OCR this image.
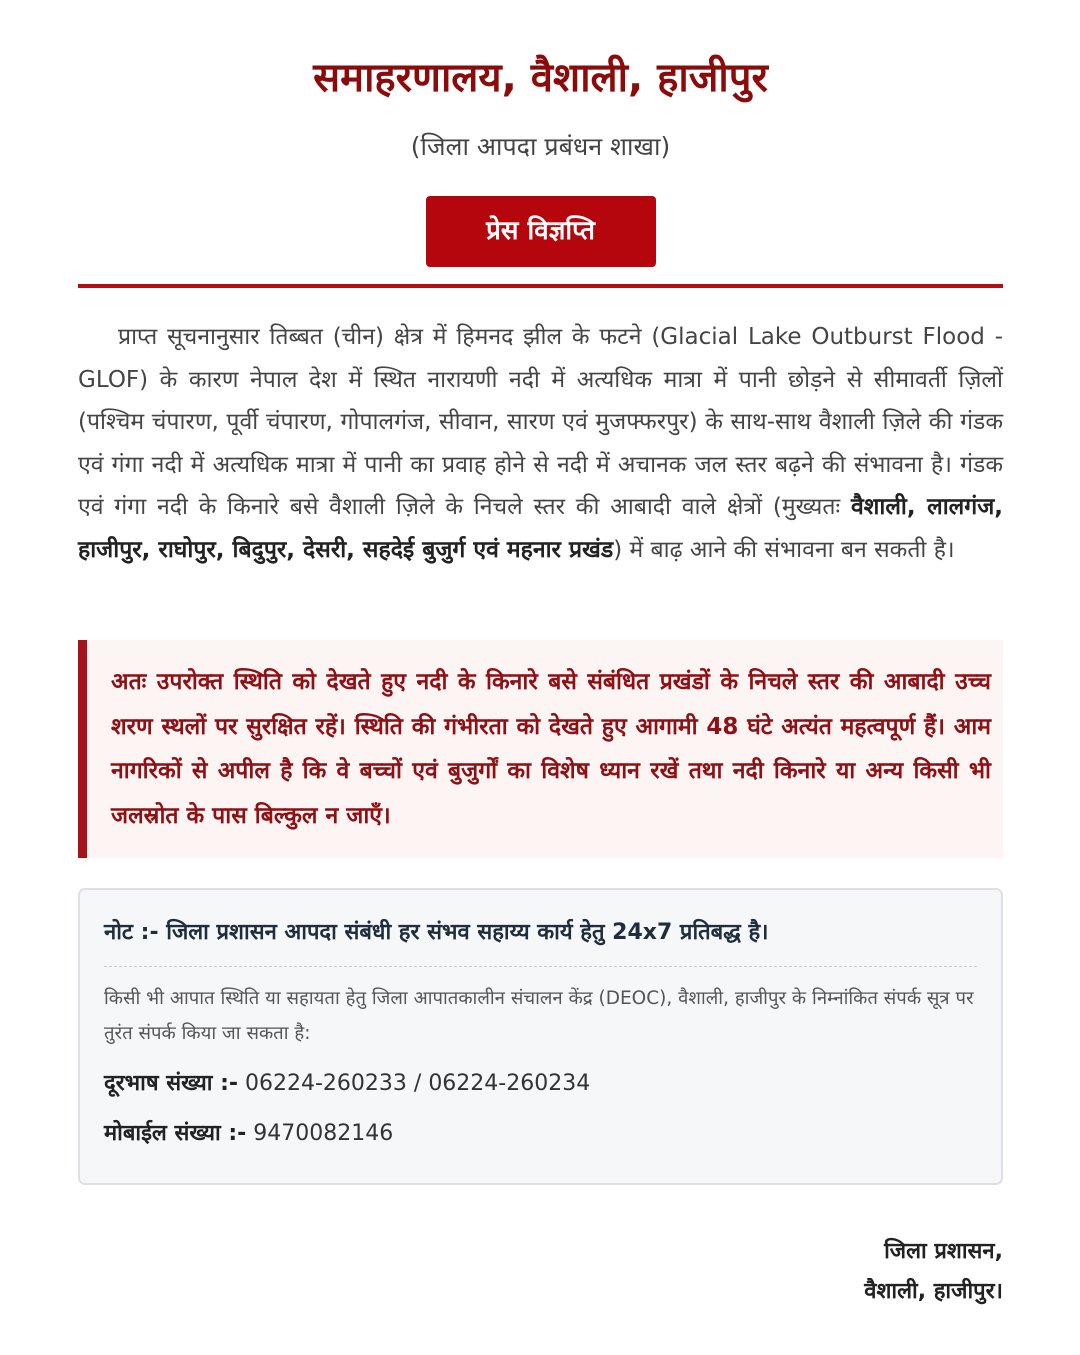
समाहरणालय, वैशाली, हाजीपुर
(जिला आपदा प्रबंधन शाखा)
प्रेस विज्ञप्ति

प्राप्त सूचनानुसार तिब्बत (चीन) क्षेत्र में हिमनद झील के फटने (Glacial Lake Outburst Flood - GLOF) के कारण नेपाल देश में स्थित नारायणी नदी में अत्यधिक मात्रा में पानी छोड़ने से सीमावर्ती ज़िलों (पश्चिम चंपारण, पूर्वी चंपारण, गोपालगंज, सीवान, सारण एवं मुजफ्फरपुर) के साथ-साथ वैशाली ज़िले की गंडक एवं गंगा नदी में अत्यधिक मात्रा में पानी का प्रवाह होने से नदी में अचानक जल स्तर बढ़ने की संभावना है। गंडक एवं गंगा नदी के किनारे बसे वैशाली ज़िले के निचले स्तर की आबादी वाले क्षेत्रों (मुख्यतः वैशाली, लालगंज, हाजीपुर, राघोपुर, बिदुपुर, देसरी, सहदेई बुजुर्ग एवं महनार प्रखंड) में बाढ़ आने की संभावना बन सकती है।

अतः उपरोक्त स्थिति को देखते हुए नदी के किनारे बसे संबंधित प्रखंडों के निचले स्तर की आबादी उच्च शरण स्थलों पर सुरक्षित रहें। स्थिति की गंभीरता को देखते हुए आगामी 48 घंटे अत्यंत महत्वपूर्ण हैं। आम नागरिकों से अपील है कि वे बच्चों एवं बुजुर्गों का विशेष ध्यान रखें तथा नदी किनारे या अन्य किसी भी जलस्रोत के पास बिल्कुल न जाएँ।

नोट :- जिला प्रशासन आपदा संबंधी हर संभव सहाय्य कार्य हेतु 24x7 प्रतिबद्ध है।
किसी भी आपात स्थिति या सहायता हेतु जिला आपातकालीन संचालन केंद्र (DEOC), वैशाली, हाजीपुर के निम्नांकित संपर्क सूत्र पर तुरंत संपर्क किया जा सकता है:
दूरभाष संख्या :- 06224-260233 / 06224-260234
मोबाईल संख्या :- 9470082146
जिला प्रशासन,
वैशाली, हाजीपुर।
